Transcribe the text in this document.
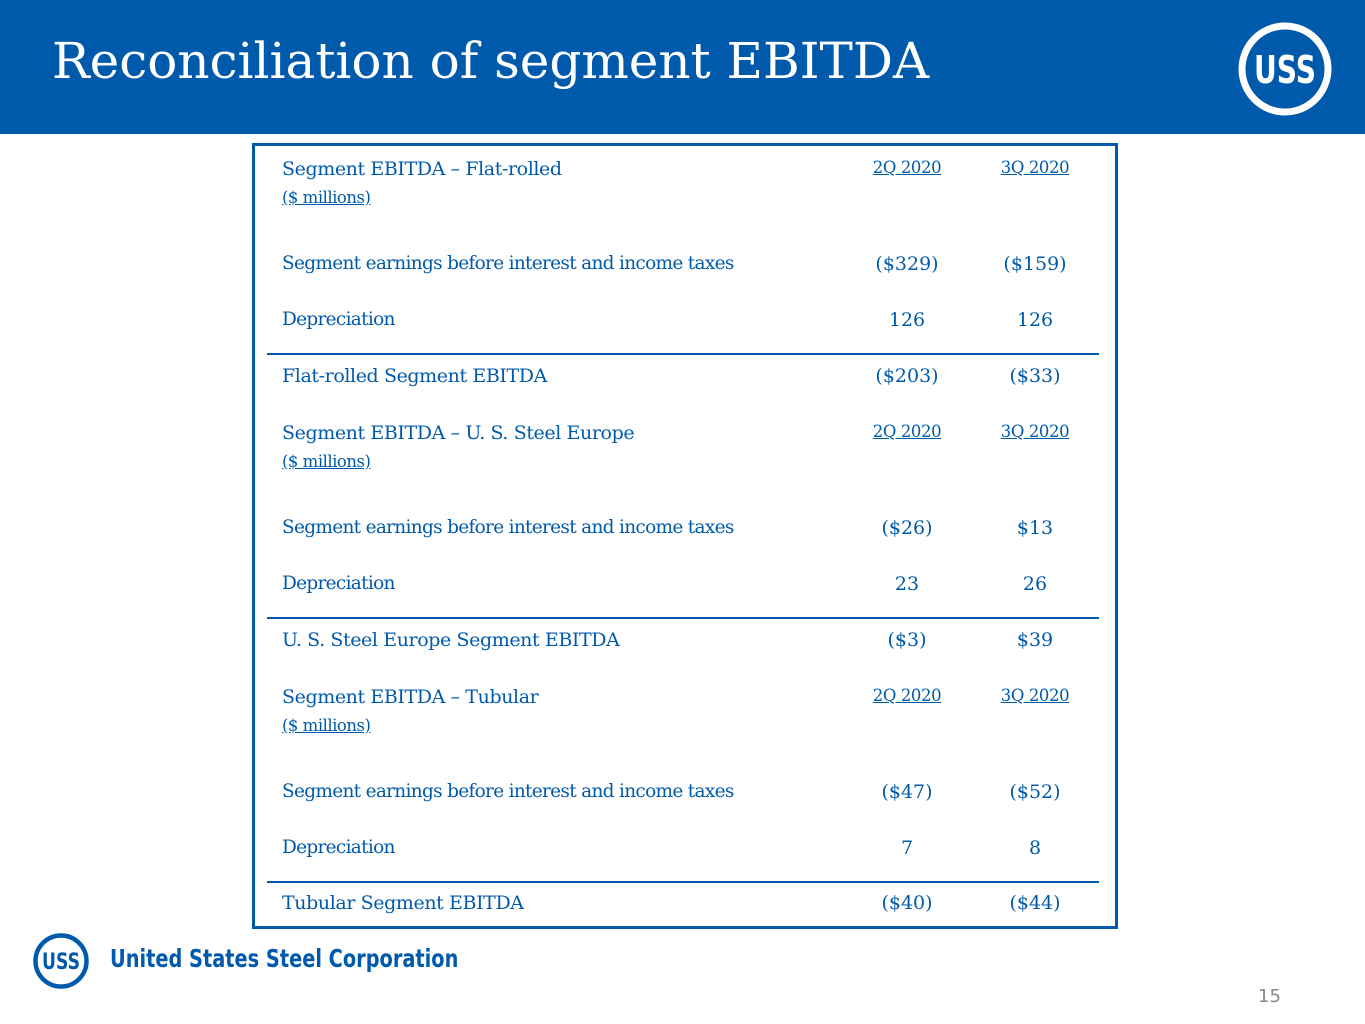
Reconciliation of segment EBITDA	USS
Segment EBITDA – Flat-rolled	2Q 2020	3Q 2020
($ millions)
Segment earnings before interest and income taxes	($329)	($159)
Depreciation	126	126
Flat-rolled Segment EBITDA	($203)	($33)
Segment EBITDA – U. S. Steel Europe	2Q 2020	3Q 2020
($ millions)
Segment earnings before interest and income taxes	($26)	$13
Depreciation	23	26
U. S. Steel Europe Segment EBITDA	($3)	$39
Segment EBITDA – Tubular	2Q 2020	3Q 2020
($ millions)
Segment earnings before interest and income taxes	($47)	($52)
Depreciation	7	8
Tubular Segment EBITDA	($40)	($44)
USS United States Steel Corporation
15
